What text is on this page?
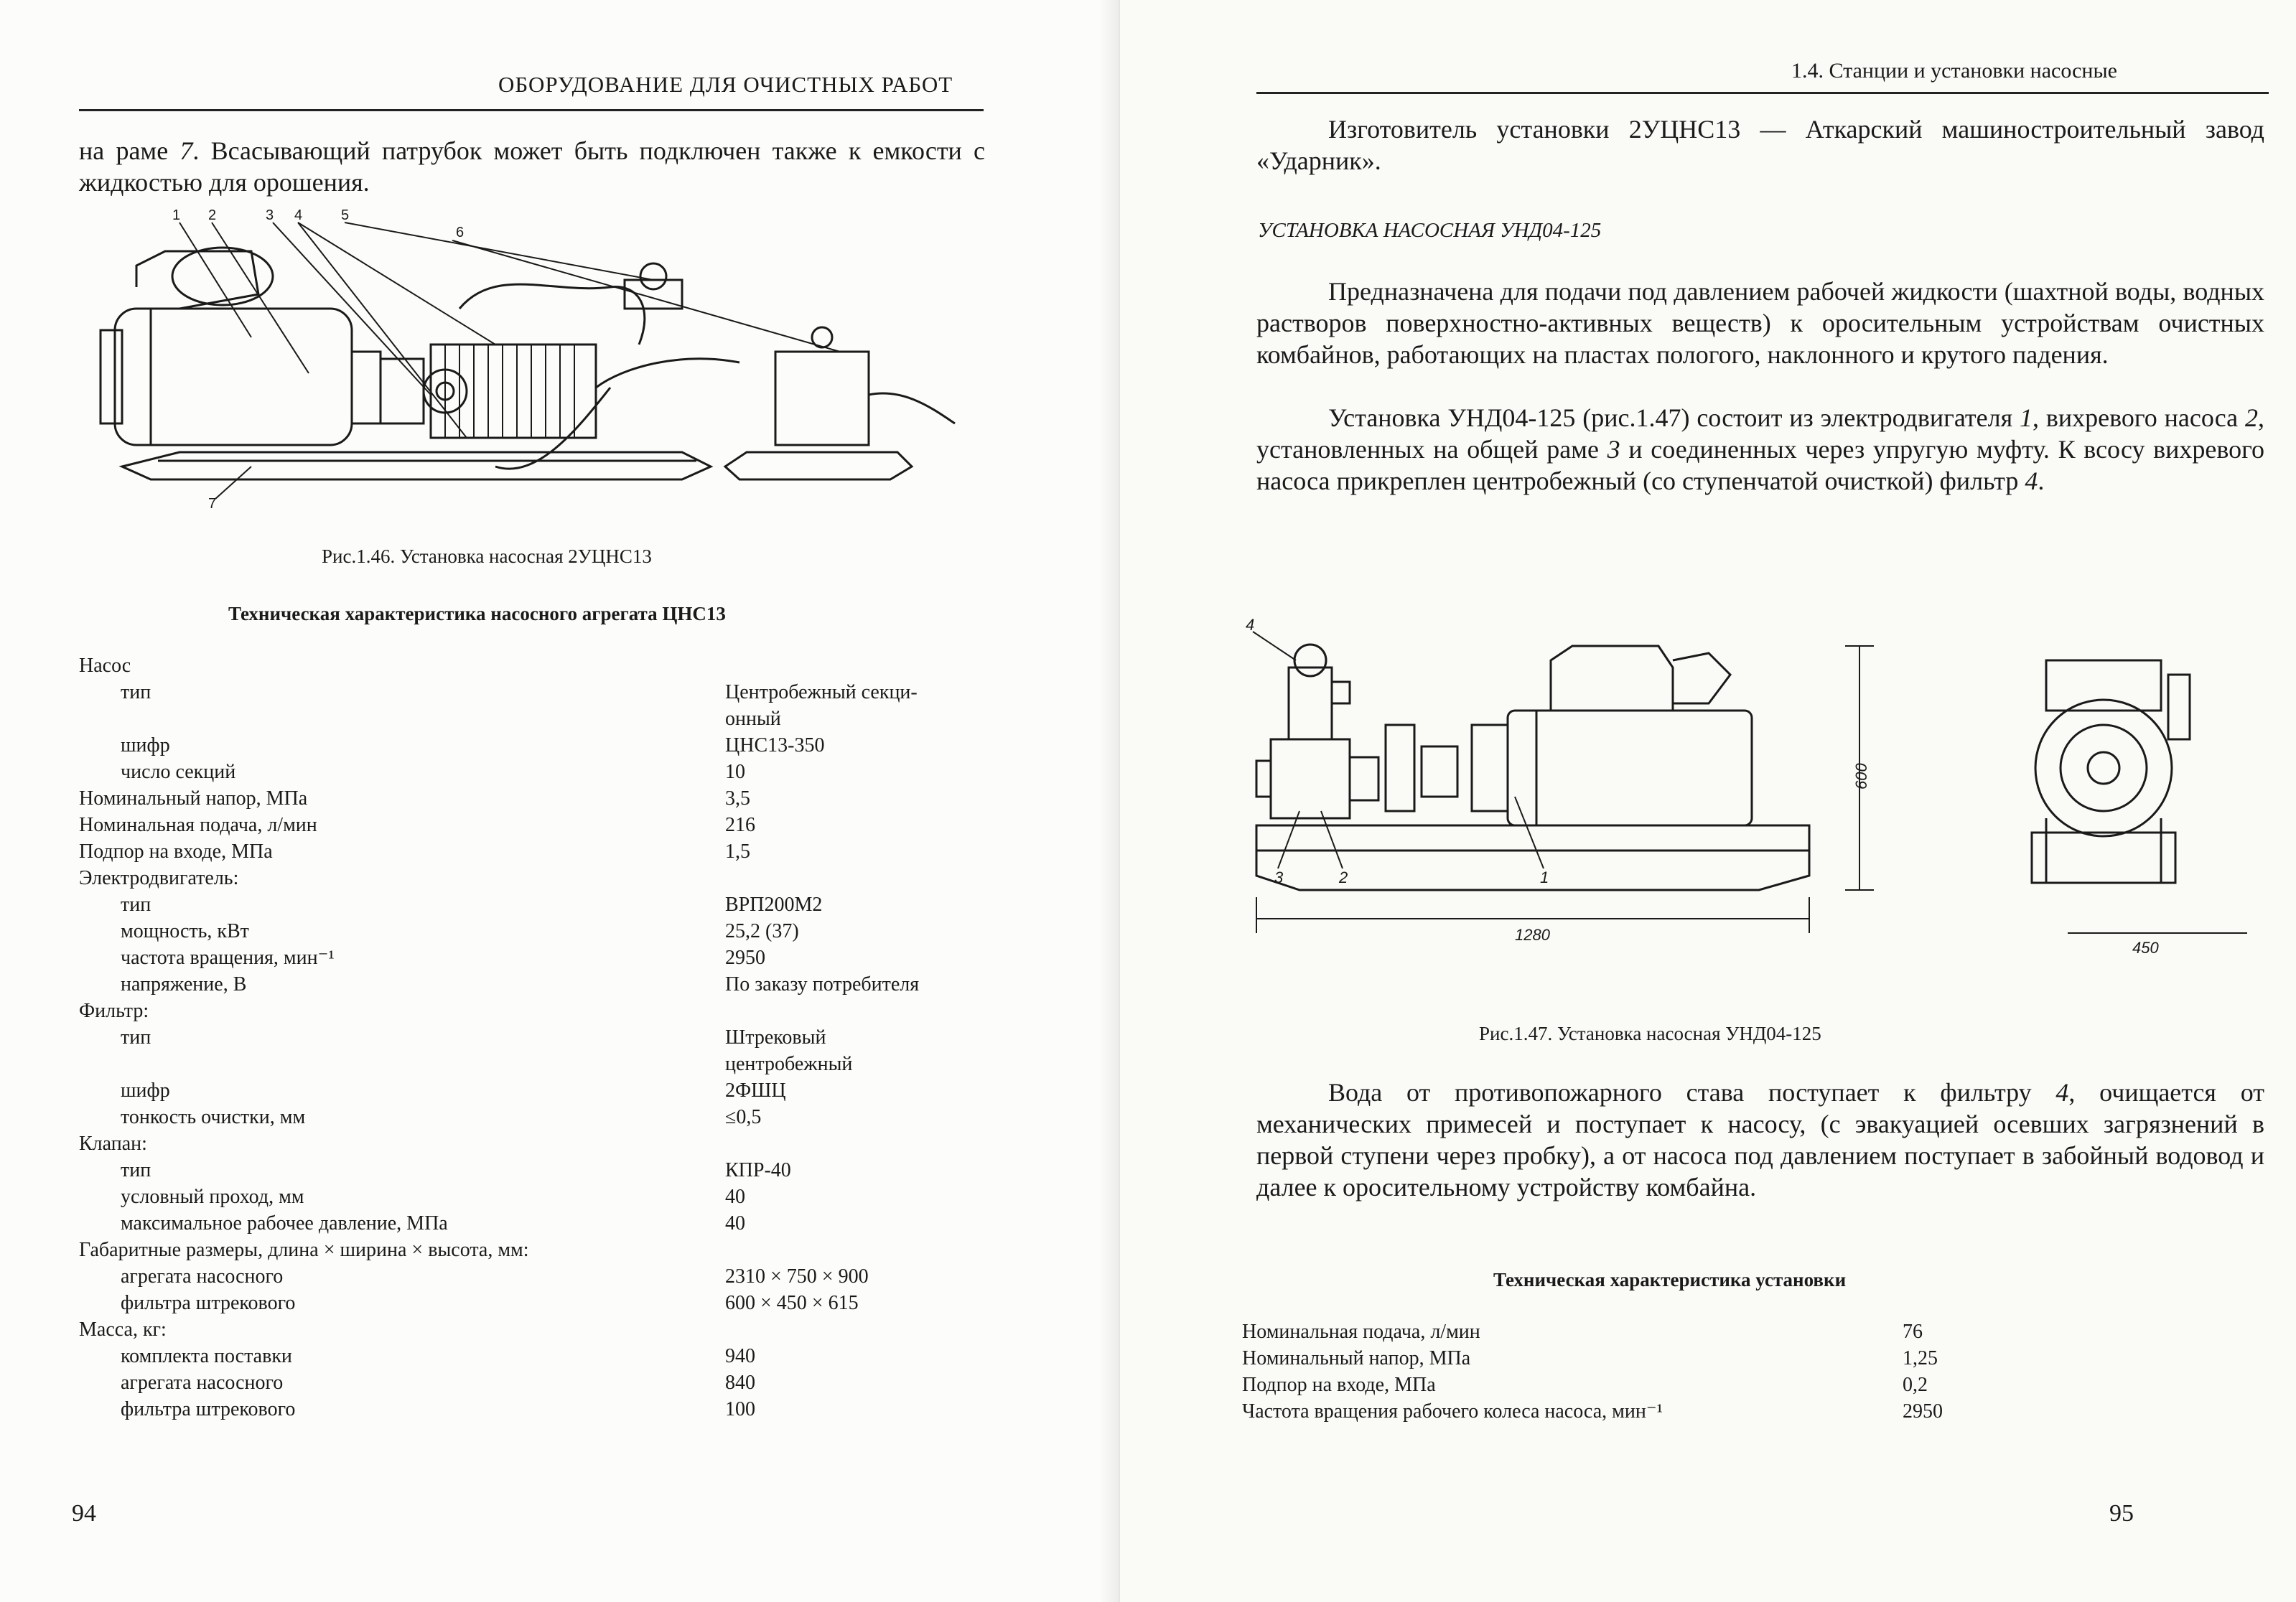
ОБОРУДОВАНИЕ ДЛЯ ОЧИСТНЫХ РАБОТ

на раме 7. Всасывающий патрубок может быть подключен также к емкости с жидкостью для орошения.

1 2	3 4	5
6
7
Рис.1.46. Установка насосная 2УЦНС13
Техническая характеристика насосного агрегата ЦНС13
Насос
тип	Центробежный секци-
онный
шифр	ЦНС13-350
число секций	10
Номинальный напор, МПа	3,5
Номинальная подача, л/мин	216
Подпор на входе, МПа	1,5
Электродвигатель:
тип	ВРП200М2
мощность, кВт	25,2 (37)
частота вращения, мин⁻¹	2950
напряжение, В	По заказу потребителя
Фильтр:
тип	Штрековый
центробежный
шифр	2ФШЦ
тонкость очистки, мм	≤0,5
Клапан:
тип	КПР-40
условный проход, мм	40
максимальное рабочее давление, МПа	40
Габаритные размеры, длина × ширина × высота, мм:
агрегата насосного	2310 × 750 × 900
фильтра штрекового	600 × 450 × 615
Масса, кг:
комплекта поставки	940
агрегата насосного	840
фильтра штрекового	100
94
1.4. Станции и установки насосные

Изготовитель установки 2УЦНС13 — Аткарский машиностроительный завод «Ударник».

УСТАНОВКА НАСОСНАЯ УНД04-125

Предназначена для подачи под давлением рабочей жидкости (шахтной воды, водных растворов поверхностно-активных веществ) к оросительным устройствам очистных комбайнов, работающих на пластах пологого, наклонного и крутого падения.

Установка УНД04-125 (рис.1.47) состоит из электродвигателя 1, вихревого насоса 2, установленных на общей раме 3 и соединенных через упругую муфту. К всосу вихревого насоса прикреплен центробежный (со ступенчатой очисткой) фильтр 4.

4
3	2	1
1280
600
450
Рис.1.47. Установка насосная УНД04-125

Вода от противопожарного става поступает к фильтру 4, очищается от механических примесей и поступает к насосу, (с эвакуацией осевших загрязнений в первой ступени через пробку), а от насоса под давлением поступает в забойный водовод и далее к оросительному устройству комбайна.

Техническая характеристика установки
Номинальная подача, л/мин	76
Номинальный напор, МПа	1,25
Подпор на входе, МПа	0,2
Частота вращения рабочего колеса насоса, мин⁻¹	2950
95
